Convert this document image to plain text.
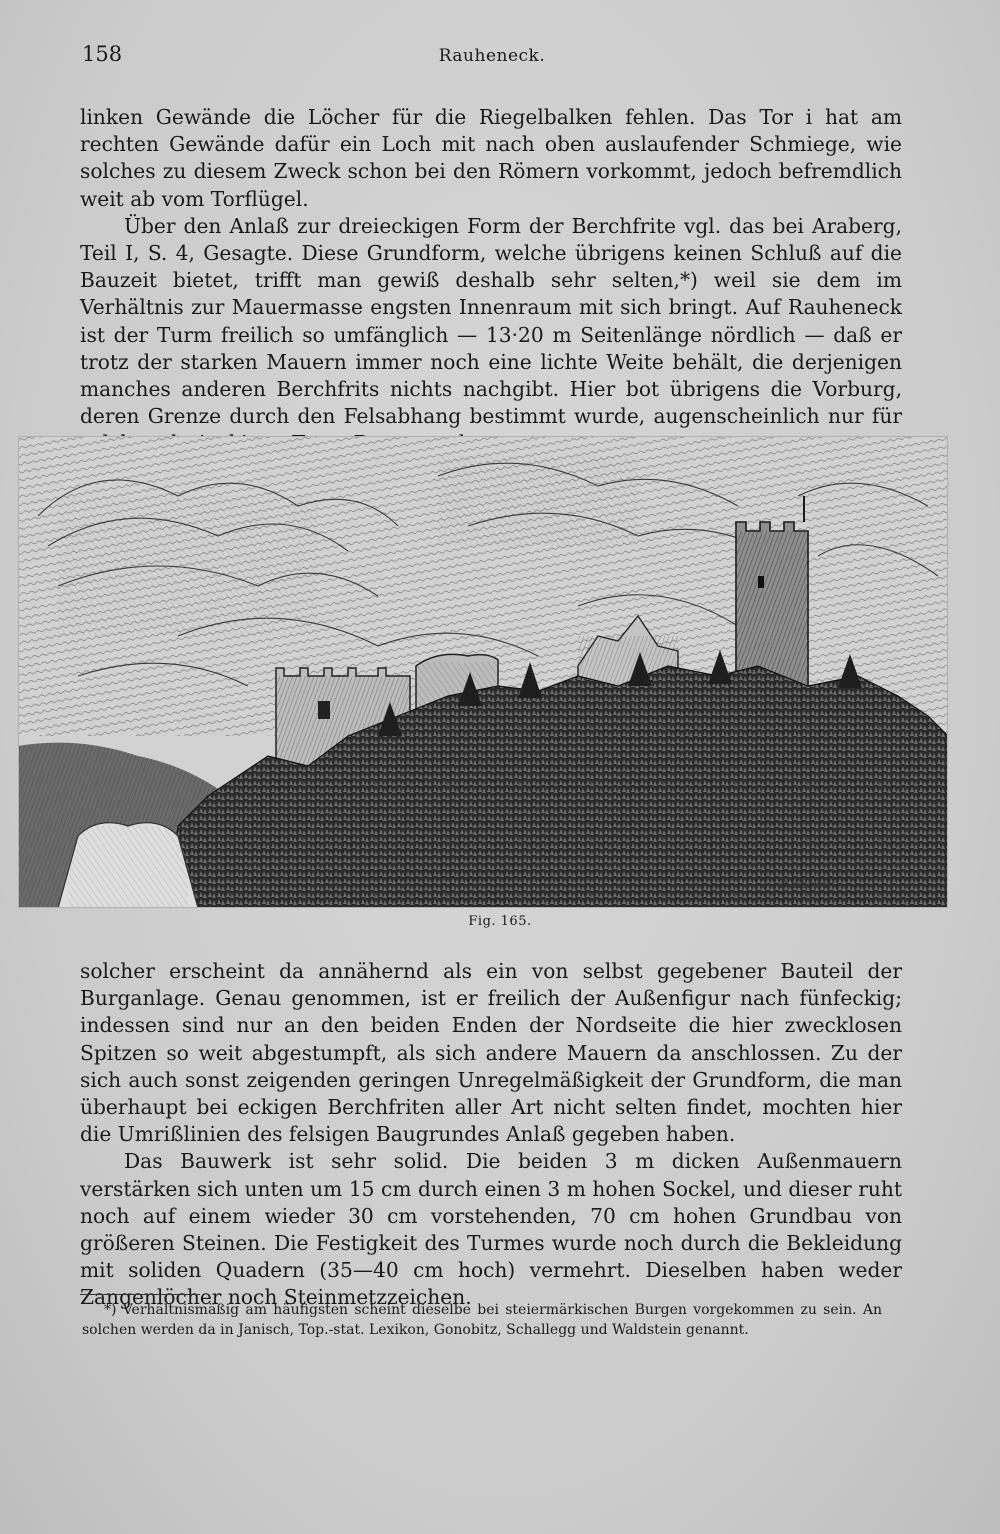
158	Rauheneck.

linken Gewände die Löcher für die Riegelbalken fehlen. Das Tor i hat am rechten Gewände dafür ein Loch mit nach oben auslaufender Schmiege, wie solches zu diesem Zweck schon bei den Römern vorkommt, jedoch befremdlich weit ab vom Torflügel.

Über den Anlaß zur dreieckigen Form der Berchfrite vgl. das bei Araberg, Teil I, S. 4, Gesagte. Diese Grundform, welche übrigens keinen Schluß auf die Bauzeit bietet, trifft man gewiß deshalb sehr selten,*) weil sie dem im Verhältnis zur Mauermasse engsten Innenraum mit sich bringt. Auf Rauheneck ist der Turm freilich so umfänglich — 13·20 m Seitenlänge nördlich — daß er trotz der starken Mauern immer noch eine lichte Weite behält, die derjenigen manches anderen Berchfrits nichts nachgibt. Hier bot übrigens die Vorburg, deren Grenze durch den Felsabhang bestimmt wurde, augenscheinlich nur für

B. Ebhardt
Fig. 165.

solcher erscheint da annähernd als ein von selbst gegebener Bauteil der Burganlage. Genau genommen, ist er freilich der Außenfigur nach fünfeckig; indessen sind nur an den beiden Enden der Nordseite die hier zwecklosen Spitzen so weit abgestumpft, als sich andere Mauern da anschlossen. Zu der sich auch sonst zeigenden geringen Unregelmäßigkeit der Grundform, die man überhaupt bei eckigen Berchfriten aller Art nicht selten findet, mochten hier die Umrißlinien des felsigen Baugrundes Anlaß gegeben haben.

Das Bauwerk ist sehr solid. Die beiden 3 m dicken Außenmauern verstärken sich unten um 15 cm durch einen 3 m hohen Sockel, und dieser ruht noch auf einem wieder 30 cm vorstehenden, 70 cm hohen Grundbau von größeren Steinen. Die Festigkeit des Turmes wurde noch durch die Bekleidung mit soliden Quadern (35—40 cm hoch) vermehrt. Dieselben haben weder Zangenlöcher noch Steinmetzzeichen.

*) Verhältnismäßig am häufigsten scheint dieselbe bei steiermärkischen Burgen vorgekommen zu sein. An solchen werden da in Janisch, Top.-stat. Lexikon, Gonobitz, Schallegg und Waldstein genannt.
